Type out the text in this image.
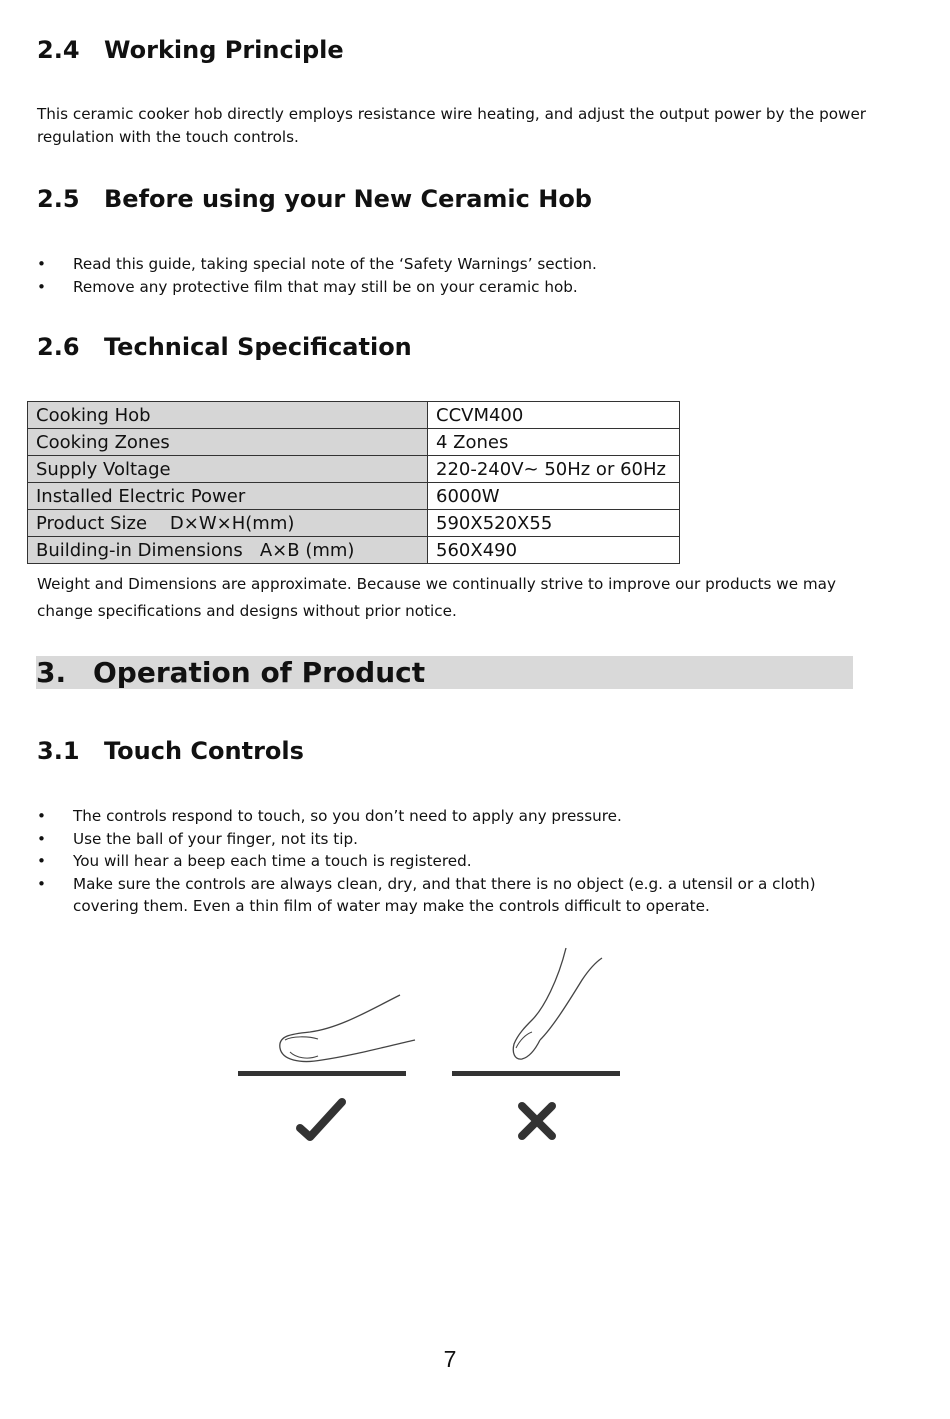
2.4 Working Principle

This ceramic cooker hob directly employs resistance wire heating, and adjust the output power by the power regulation with the touch controls.

2.5 Before using your New Ceramic Hob
• Read this guide, taking special note of the ‘Safety Warnings’ section.
• Remove any protective film that may still be on your ceramic hob.
2.6 Technical Specification
Cooking Hob	CCVM400
Cooking Zones	4 Zones
Supply Voltage	220-240V~ 50Hz or 60Hz
Installed Electric Power	6000W
Product Size    D×W×H(mm)	590X520X55
Building-in Dimensions   A×B (mm)	560X490

Weight and Dimensions are approximate. Because we continually strive to improve our products we may change specifications and designs without prior notice.

3. Operation of Product
3.1 Touch Controls
• The controls respond to touch, so you don’t need to apply any pressure.
• Use the ball of your finger, not its tip.
• You will hear a beep each time a touch is registered.
• Make sure the controls are always clean, dry, and that there is no object (e.g. a utensil or a cloth) covering them. Even a thin film of water may make the controls difficult to operate.
7
